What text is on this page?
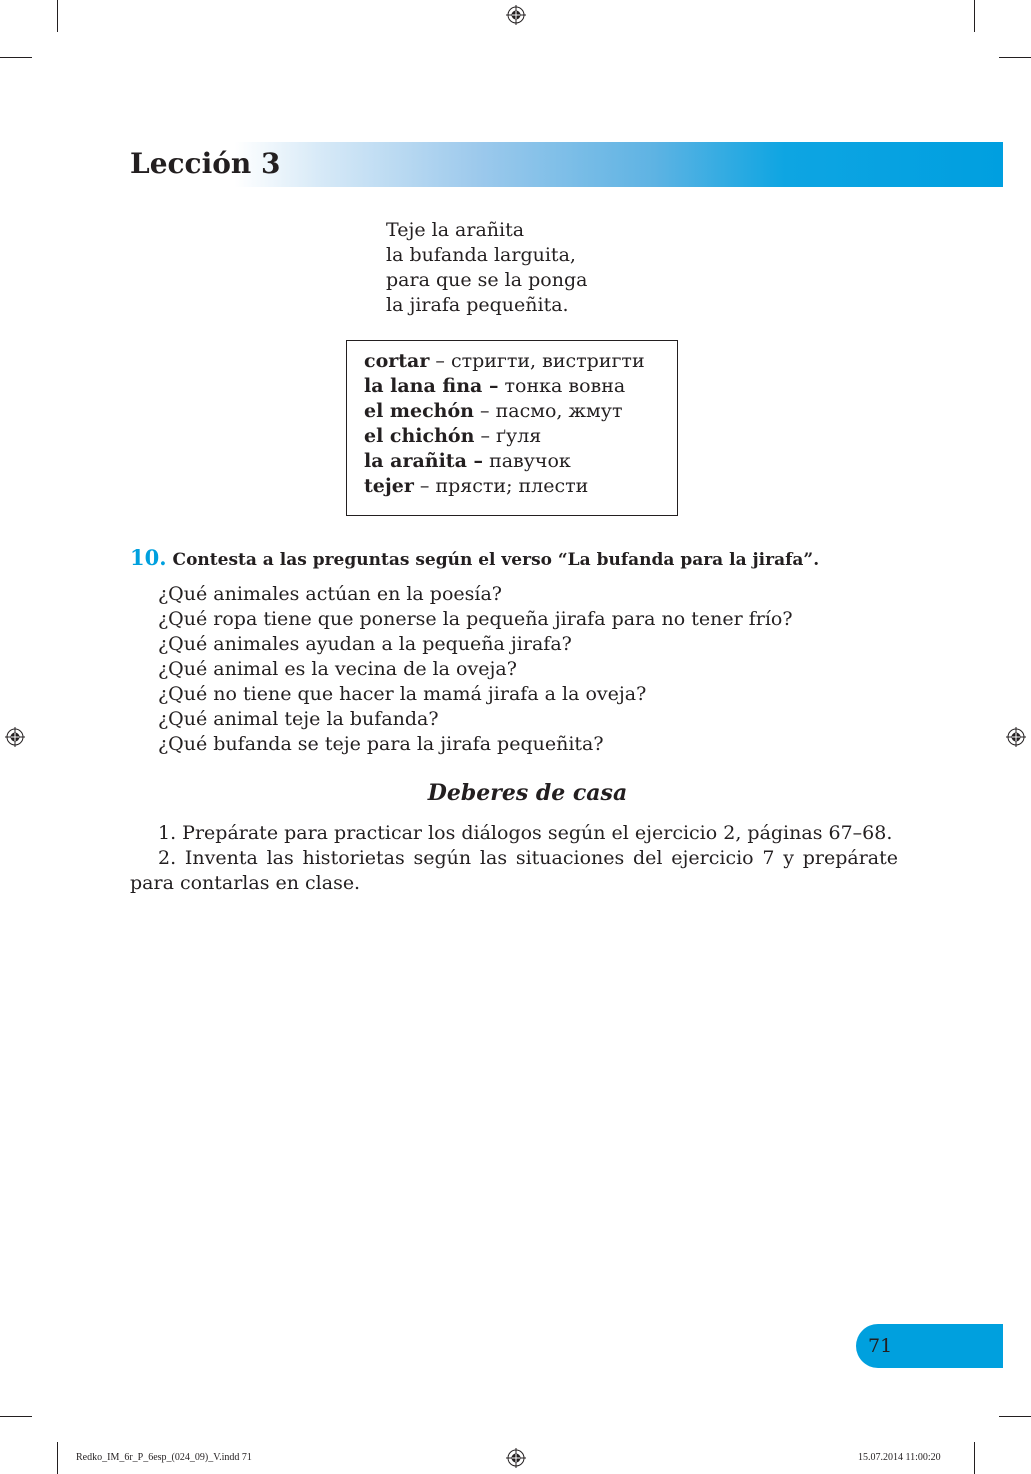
Lección 3
Teje la arañita
la bufanda larguita,
para que se la ponga
la jirafa pequeñita.
cortar – стригти, вистригти
la lana fina – тонка вовна
el mechón – пасмо, жмут
el chichón – ґуля
la arañita – павучок
tejer – прясти; плести
10. Contesta a las preguntas según el verso “La bufanda para la jirafa”.
¿Qué animales actúan en la poesía?
¿Qué ropa tiene que ponerse la pequeña jirafa para no tener frío?
¿Qué animales ayudan a la pequeña jirafa?
¿Qué animal es la vecina de la oveja?
¿Qué no tiene que hacer la mamá jirafa a la oveja?
¿Qué animal teje la bufanda?
¿Qué bufanda se teje para la jirafa pequeñita?
Deberes de casa

1. Prepárate para practicar los diálogos según el ejercicio 2, páginas 67–68.

2. Inventa las historietas según las situaciones del ejercicio 7 y prepárate para contarlas en clase.

71
Redko_IM_6r_P_6esp_(024_09)_V.indd 71	15.07.2014 11:00:20
